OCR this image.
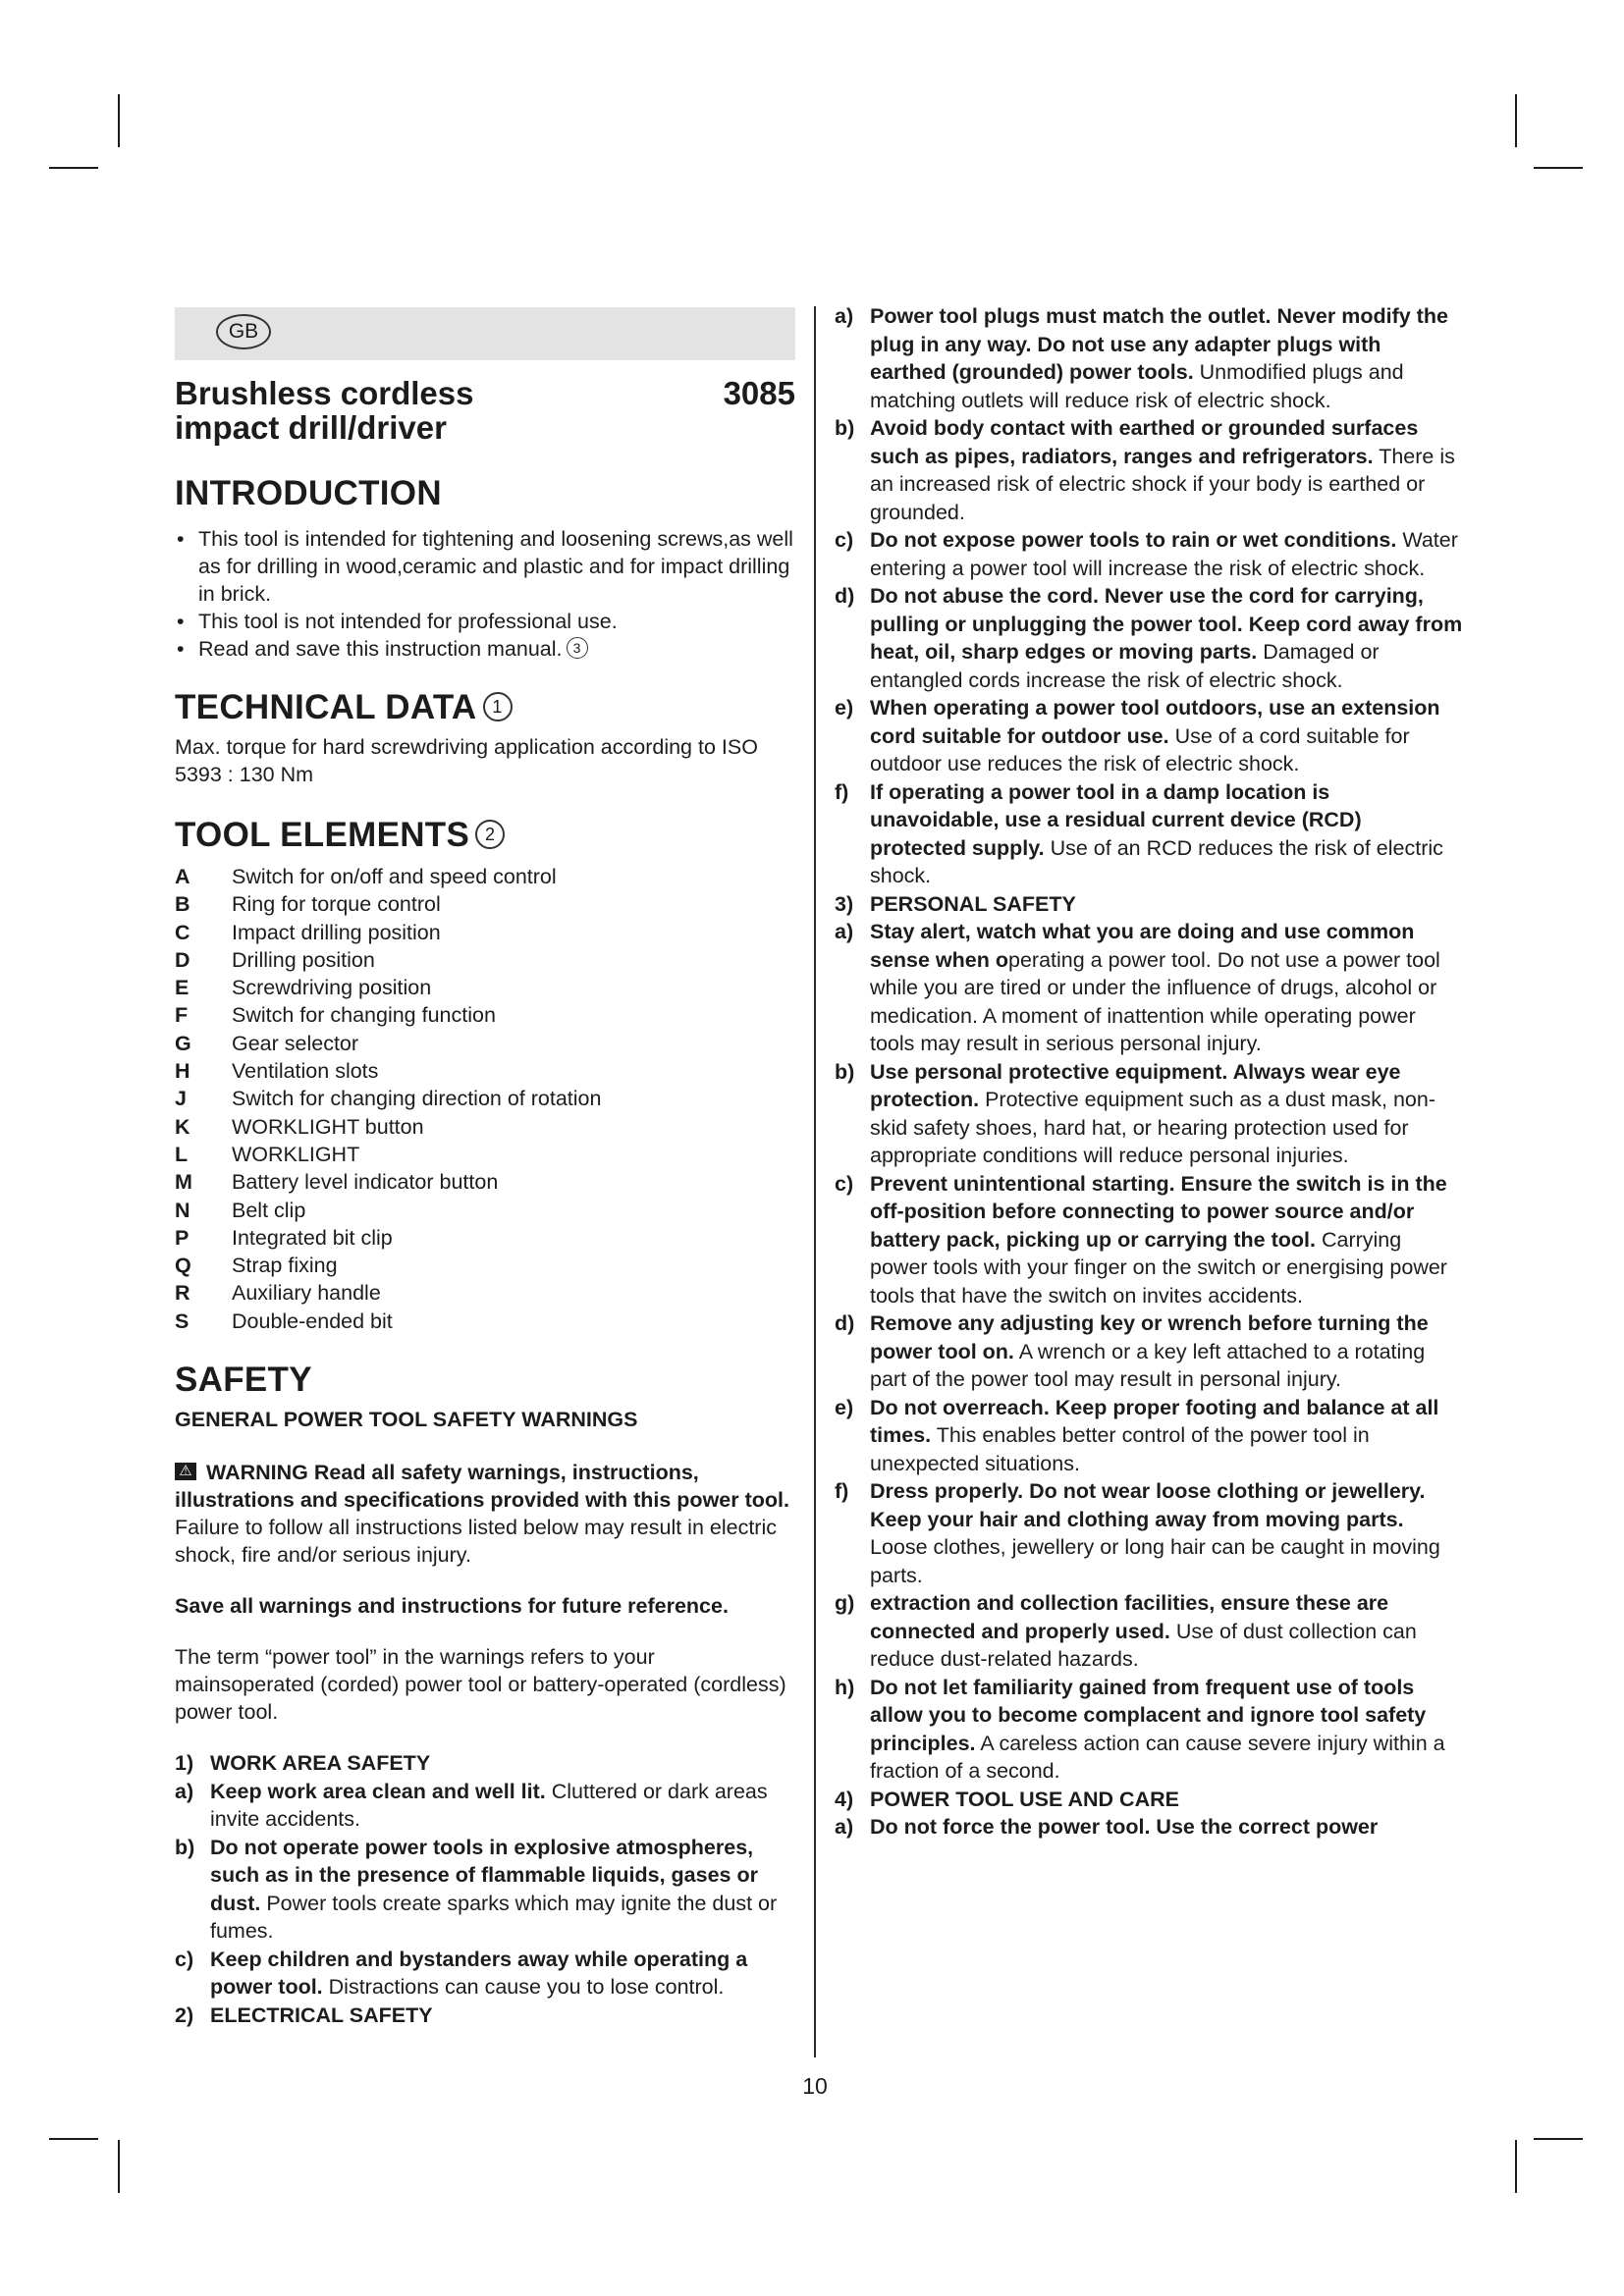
GB
Brushless cordless
impact drill/driver
3085
INTRODUCTION
• This tool is intended for tightening and loosening screws,as well as for drilling in wood,ceramic and plastic and for impact drilling in brick.
• This tool is not intended for professional use.
• Read and save this instruction manual. 3
TECHNICAL DATA 1
Max. torque for hard screwdriving application according to ISO 5393 : 130 Nm
TOOL ELEMENTS 2
A	Switch for on/off and speed control
B	Ring for torque control
C	Impact drilling position
D	Drilling position
E	Screwdriving position
F	Switch for changing function
G	Gear selector
H	Ventilation slots
J	Switch for changing direction of rotation
K	WORKLIGHT button
L	WORKLIGHT
M	Battery level indicator button
N	Belt clip
P	Integrated bit clip
Q	Strap fixing
R	Auxiliary handle
S	Double-ended bit
SAFETY
GENERAL POWER TOOL SAFETY WARNINGS
⚠ WARNING Read all safety warnings, instructions, illustrations and specifications provided with this power tool. Failure to follow all instructions listed below may result in electric shock, fire and/or serious injury.
Save all warnings and instructions for future reference.
The term “power tool” in the warnings refers to your mainsoperated (corded) power tool or battery-operated (cordless) power tool.
1) WORK AREA SAFETY
a) Keep work area clean and well lit. Cluttered or dark areas invite accidents.
b) Do not operate power tools in explosive atmospheres, such as in the presence of flammable liquids, gases or dust. Power tools create sparks which may ignite the dust or fumes.
c) Keep children and bystanders away while operating a power tool. Distractions can cause you to lose control.
2) ELECTRICAL SAFETY
a) Power tool plugs must match the outlet. Never modify the plug in any way. Do not use any adapter plugs with earthed (grounded) power tools. Unmodified plugs and matching outlets will reduce risk of electric shock.
b) Avoid body contact with earthed or grounded surfaces such as pipes, radiators, ranges and refrigerators. There is an increased risk of electric shock if your body is earthed or grounded.
c) Do not expose power tools to rain or wet conditions. Water entering a power tool will increase the risk of electric shock.
d) Do not abuse the cord. Never use the cord for carrying, pulling or unplugging the power tool. Keep cord away from heat, oil, sharp edges or moving parts. Damaged or entangled cords increase the risk of electric shock.
e) When operating a power tool outdoors, use an extension cord suitable for outdoor use. Use of a cord suitable for outdoor use reduces the risk of electric shock.
f)	If operating a power tool in a damp location is unavoidable, use a residual current device (RCD) protected supply. Use of an RCD reduces the risk of electric shock.
3) PERSONAL SAFETY
a) Stay alert, watch what you are doing and use common sense when operating a power tool. Do not use a power tool while you are tired or under the influence of drugs, alcohol or medication. A moment of inattention while operating power tools may result in serious personal injury.
b) Use personal protective equipment. Always wear eye protection. Protective equipment such as a dust mask, non-skid safety shoes, hard hat, or hearing protection used for appropriate conditions will reduce personal injuries.
c) Prevent unintentional starting. Ensure the switch is in the off-position before connecting to power source and/or battery pack, picking up or carrying the tool. Carrying power tools with your finger on the switch or energising power tools that have the switch on invites accidents.
d) Remove any adjusting key or wrench before turning the power tool on. A wrench or a key left attached to a rotating part of the power tool may result in personal injury.
e) Do not overreach. Keep proper footing and balance at all times. This enables better control of the power tool in unexpected situations.
f)	Dress properly. Do not wear loose clothing or jewellery. Keep your hair and clothing away from moving parts. Loose clothes, jewellery or long hair can be caught in moving parts.
g) extraction and collection facilities, ensure these are connected and properly used. Use of dust collection can reduce dust-related hazards.
h) Do not let familiarity gained from frequent use of tools allow you to become complacent and ignore tool safety principles. A careless action can cause severe injury within a fraction of a second.
4) POWER TOOL USE AND CARE
a) Do not force the power tool. Use the correct power
10
